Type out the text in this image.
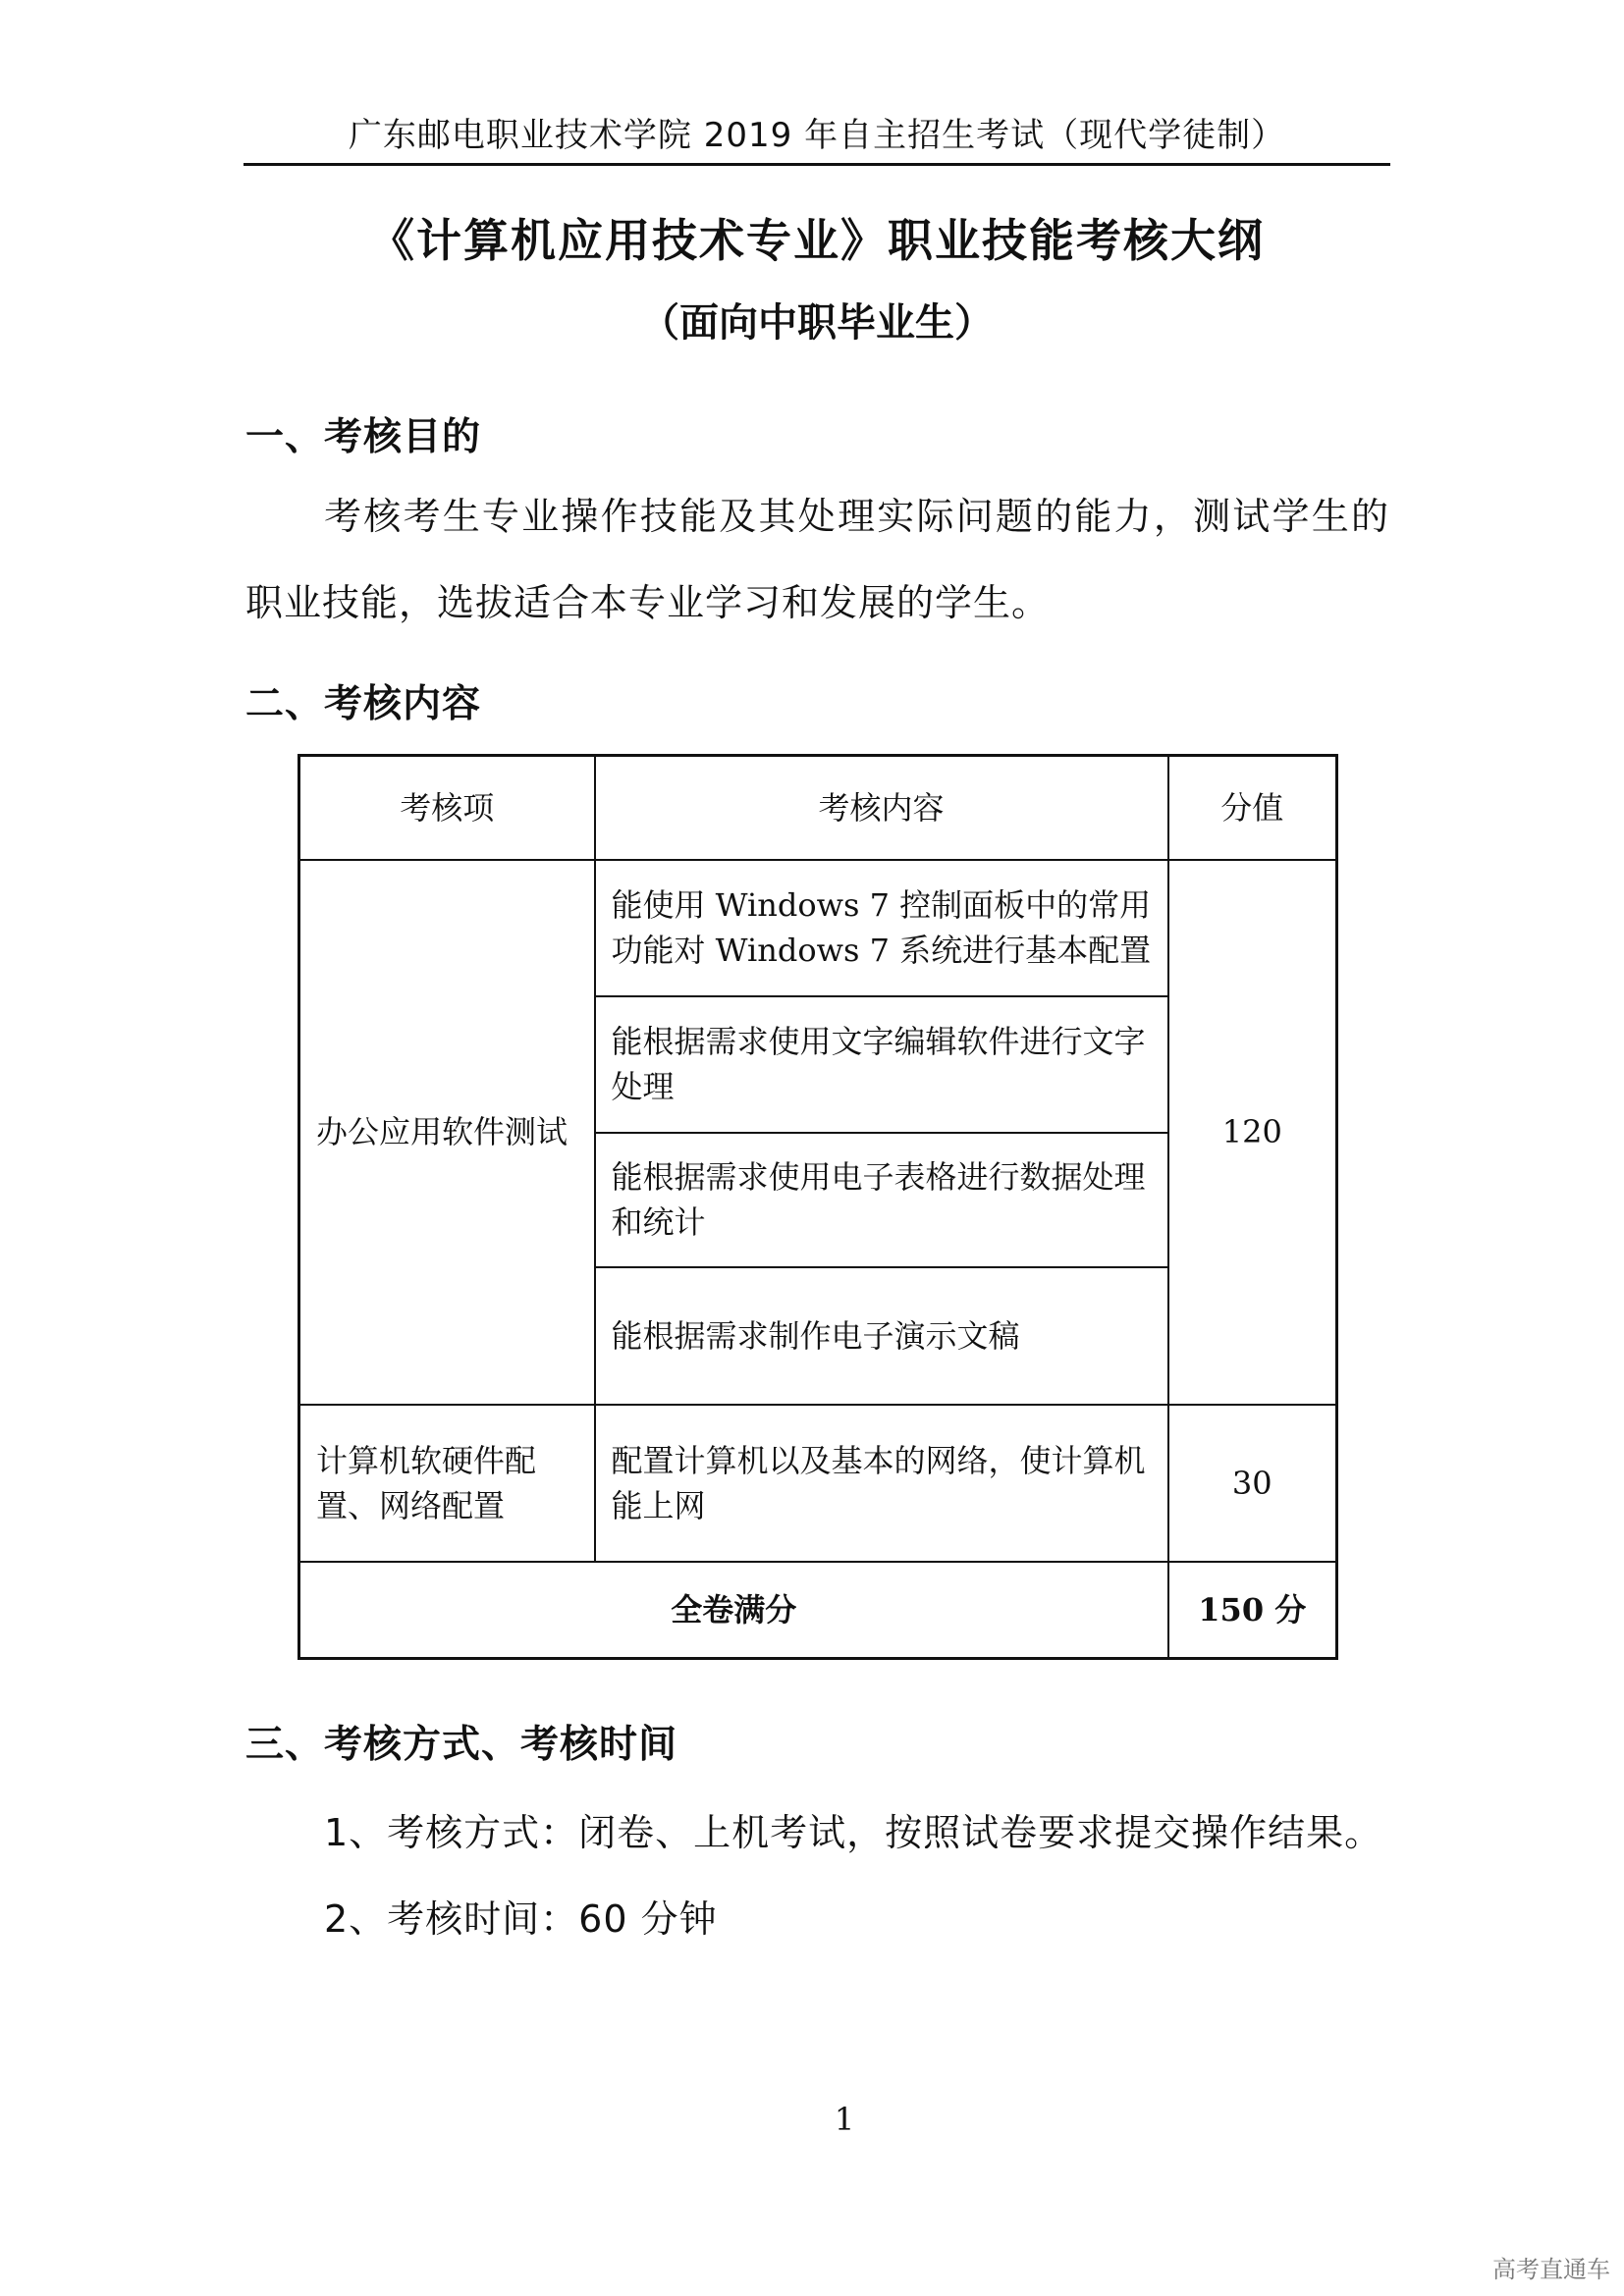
广东邮电职业技术学院 2019 年自主招生考试（现代学徒制）
《计算机应用技术专业》职业技能考核大纲
（面向中职毕业生）
一、考核目的
考核考生专业操作技能及其处理实际问题的能力，测试学生的职业技能，选拔适合本专业学习和发展的学生。
二、考核内容
考核项	考核内容	分值
办公应用软件测试	能使用 Windows 7 控制面板中的常用功能对 Windows 7 系统进行基本配置	120
	能根据需求使用文字编辑软件进行文字处理	
	能根据需求使用电子表格进行数据处理和统计	
	能根据需求制作电子演示文稿	
计算机软硬件配置、网络配置	配置计算机以及基本的网络，使计算机能上网	30
全卷满分		150 分
三、考核方式、考核时间
1、考核方式：闭卷、上机考试，按照试卷要求提交操作结果。
2、考核时间：60 分钟
1
高考直通车
